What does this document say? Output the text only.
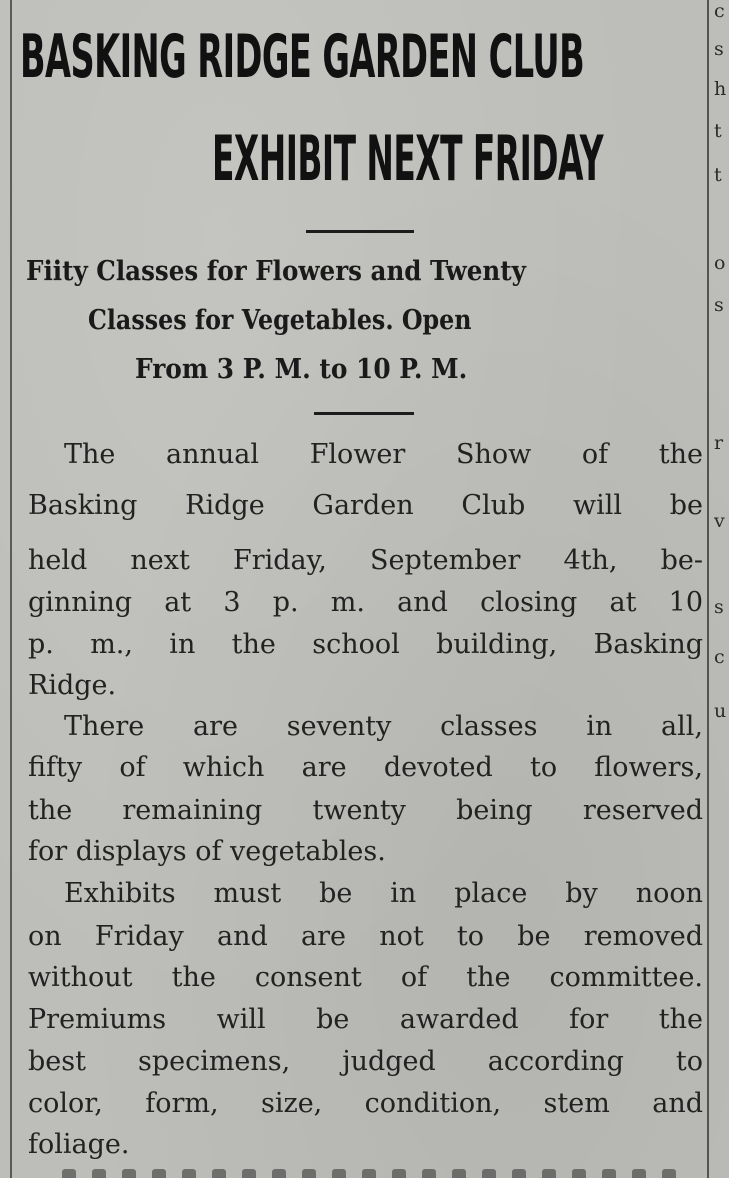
c
s
h
t
t
o
s
r
v
s
c
u
BASKING RIDGE GARDEN CLUB
EXHIBIT NEXT FRIDAY
Fiity Classes for Flowers and Twenty
Classes for Vegetables. Open
From 3 P. M. to 10 P. M.
The annual Flower Show of the
Basking Ridge Garden Club will be
held next Friday, September 4th, be-
ginning at 3 p. m. and closing at 10
p. m., in the school building, Basking
Ridge.
There are seventy classes in all,
fifty of which are devoted to flowers,
the remaining twenty being reserved
for displays of vegetables.
Exhibits must be in place by noon
on Friday and are not to be removed
without the consent of the committee.
Premiums will be awarded for the
best specimens, judged according to
color, form, size, condition, stem and
foliage.
